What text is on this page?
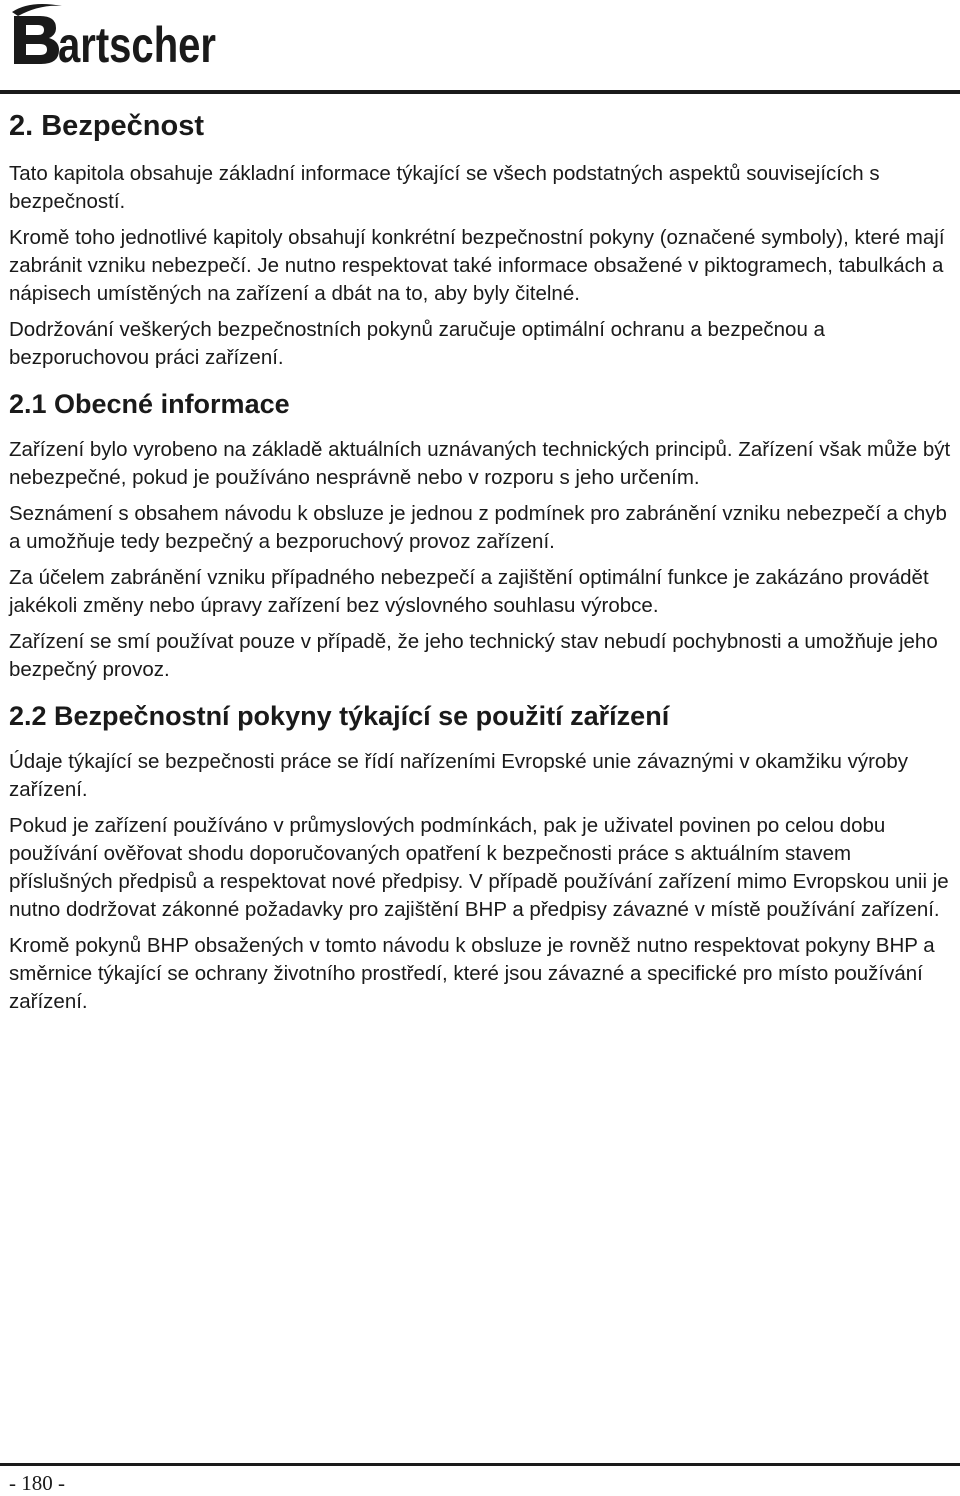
artscher
2. Bezpečnost

Tato kapitola obsahuje základní informace týkající se všech podstatných aspektů souvisejících s bezpečností.

Kromě toho jednotlivé kapitoly obsahují konkrétní bezpečnostní pokyny (označené symboly), které mají zabránit vzniku nebezpečí. Je nutno respektovat také informace obsažené v piktogramech, tabulkách a nápisech umístěných na zařízení a dbát na to, aby byly čitelné.

Dodržování veškerých bezpečnostních pokynů zaručuje optimální ochranu a bezpečnou a bezporuchovou práci zařízení.

2.1 Obecné informace

Zařízení bylo vyrobeno na základě aktuálních uznávaných technických principů. Zařízení však může být nebezpečné, pokud je používáno nesprávně nebo v rozporu s jeho určením.

Seznámení s obsahem návodu k obsluze je jednou z podmínek pro zabránění vzniku nebezpečí a chyb a umožňuje tedy bezpečný a bezporuchový provoz zařízení.

Za účelem zabránění vzniku případného nebezpečí a zajištění optimální funkce je zakázáno provádět jakékoli změny nebo úpravy zařízení bez výslovného souhlasu výrobce.

Zařízení se smí používat pouze v případě, že jeho technický stav nebudí pochybnosti a umožňuje jeho bezpečný provoz.

2.2 Bezpečnostní pokyny týkající se použití zařízení

Údaje týkající se bezpečnosti práce se řídí nařízeními Evropské unie závaznými v okamžiku výroby zařízení.

Pokud je zařízení používáno v průmyslových podmínkách, pak je uživatel povinen po celou dobu používání ověřovat shodu doporučovaných opatření k bezpečnosti práce s aktuálním stavem příslušných předpisů a respektovat nové předpisy. V případě používání zařízení mimo Evropskou unii je nutno dodržovat zákonné požadavky pro zajištění BHP a předpisy závazné v místě používání zařízení.

Kromě pokynů BHP obsažených v tomto návodu k obsluze je rovněž nutno respektovat pokyny BHP a směrnice týkající se ochrany životního prostředí, které jsou závazné a specifické pro místo používání zařízení.

- 180 -
